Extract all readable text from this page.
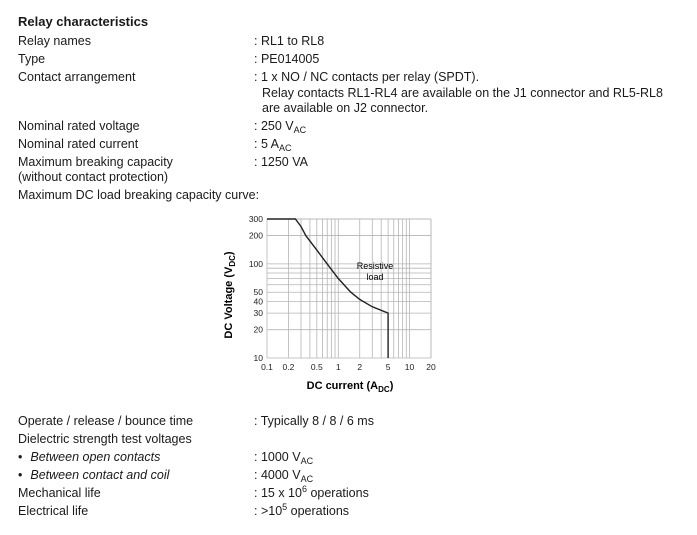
Relay characteristics
Relay names	: RL1 to RL8
Type	: PE014005
Contact arrangement	: 1 x NO / NC contacts per relay (SPDT).
Relay contacts RL1-RL4 are available on the J1 connector and RL5-RL8
are available on J2 connector.
Nominal rated voltage	: 250 $V_{AC}$
Nominal rated current	: 5 $A_{AC}$
Maximum breaking capacity	: 1250 VA
(without contact protection)
Maximum DC load breaking capacity curve:
0.1 0.2 0.5 1 2	5 10 20
10
20
30
40
50
100
200
300
Resistive
load
DC Voltage $(V_{DC})$
DC current $(A_{DC})$
Operate / release / bounce time	: Typically 8 / 8 / 6 ms
Dielectric strength test voltages
• Between open contacts	: 1000 $V_{AC}$
• Between contact and coil	: 4000 $V_{AC}$
Mechanical life	: 15 x $10^6$ operations
Electrical life	: $>10^5$ operations
